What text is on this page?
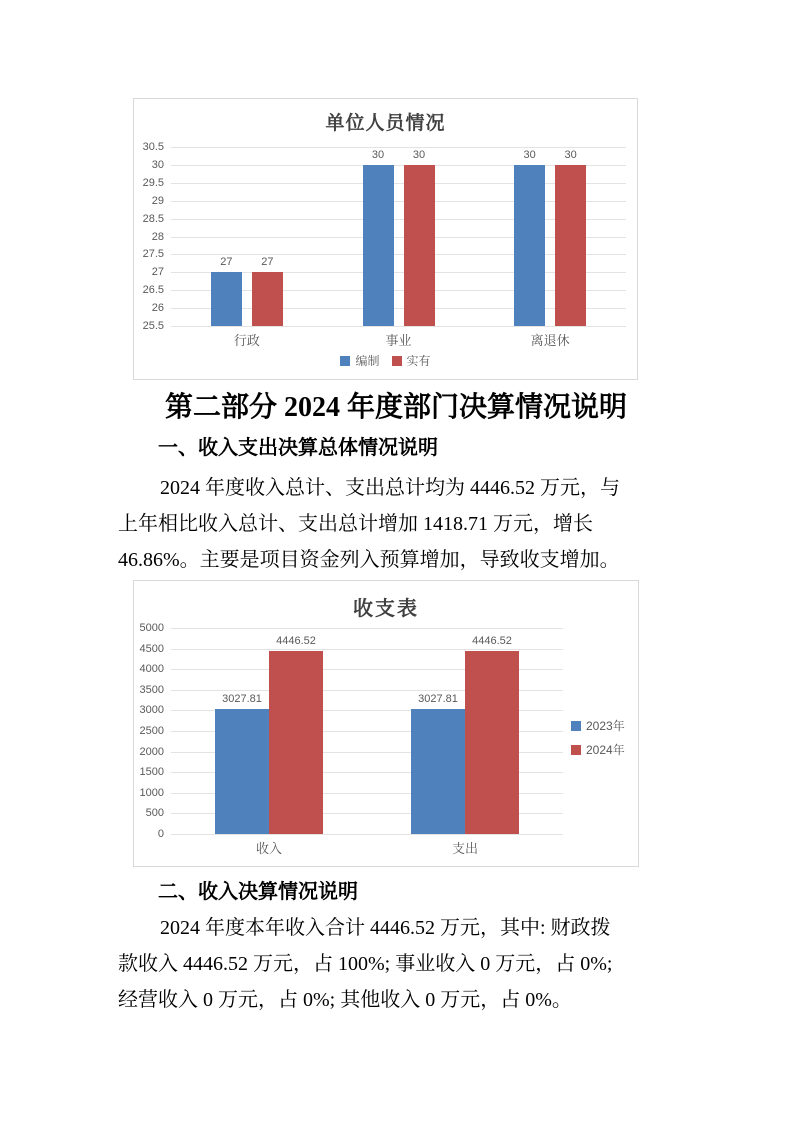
单位人员情况
30.5
30
29.5
29
28.5
28
27.5
27
26.5
26
25.5
行政
27	27
事业
30	30
离退休
30	30
编制 实有
第二部分 2024 年度部门决算情况说明
一、收入支出决算总体情况说明
2024 年度收入总计、支出总计均为 4446.52 万元，与
上年相比收入总计、支出总计增加 1418.71 万元，增长
46.86%。主要是项目资金列入预算增加，导致收支增加。
收支表
5000
4500
4000
3500
3000
2500
2000
1500
1000
500
0
收入
3027.81
4446.52
支出
3027.81
4446.52
2023年
2024年
二、收入决算情况说明
2024 年度本年收入合计 4446.52 万元，其中: 财政拨
款收入 4446.52 万元，占 100%; 事业收入 0 万元，占 0%;
经营收入 0 万元，占 0%; 其他收入 0 万元，占 0%。
